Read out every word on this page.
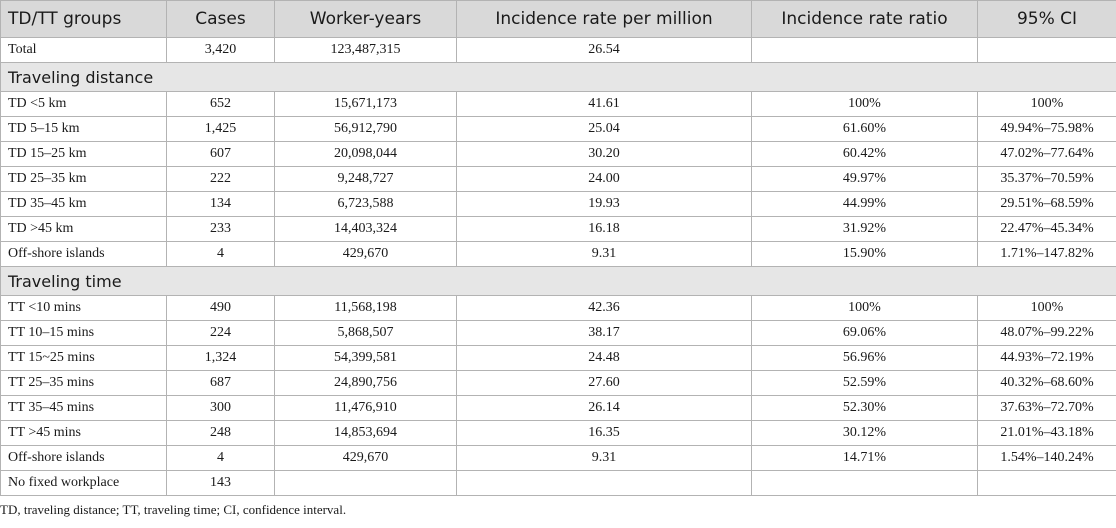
TD/TT groups	Cases	Worker-years	Incidence rate per million	Incidence rate ratio	95% CI
Total	3,420	123,487,315	26.54		
Traveling distance					
TD <5 km	652	15,671,173	41.61	100%	100%
TD 5–15 km	1,425	56,912,790	25.04	61.60%	49.94%–75.98%
TD 15–25 km	607	20,098,044	30.20	60.42%	47.02%–77.64%
TD 25–35 km	222	9,248,727	24.00	49.97%	35.37%–70.59%
TD 35–45 km	134	6,723,588	19.93	44.99%	29.51%–68.59%
TD >45 km	233	14,403,324	16.18	31.92%	22.47%–45.34%
Off-shore islands	4	429,670	9.31	15.90%	1.71%–147.82%
Traveling time					
TT <10 mins	490	11,568,198	42.36	100%	100%
TT 10–15 mins	224	5,868,507	38.17	69.06%	48.07%–99.22%
TT 15~25 mins	1,324	54,399,581	24.48	56.96%	44.93%–72.19%
TT 25–35 mins	687	24,890,756	27.60	52.59%	40.32%–68.60%
TT 35–45 mins	300	11,476,910	26.14	52.30%	37.63%–72.70%
TT >45 mins	248	14,853,694	16.35	30.12%	21.01%–43.18%
Off-shore islands	4	429,670	9.31	14.71%	1.54%–140.24%
No fixed workplace	143				

TD, traveling distance; TT, traveling time; CI, confidence interval.
